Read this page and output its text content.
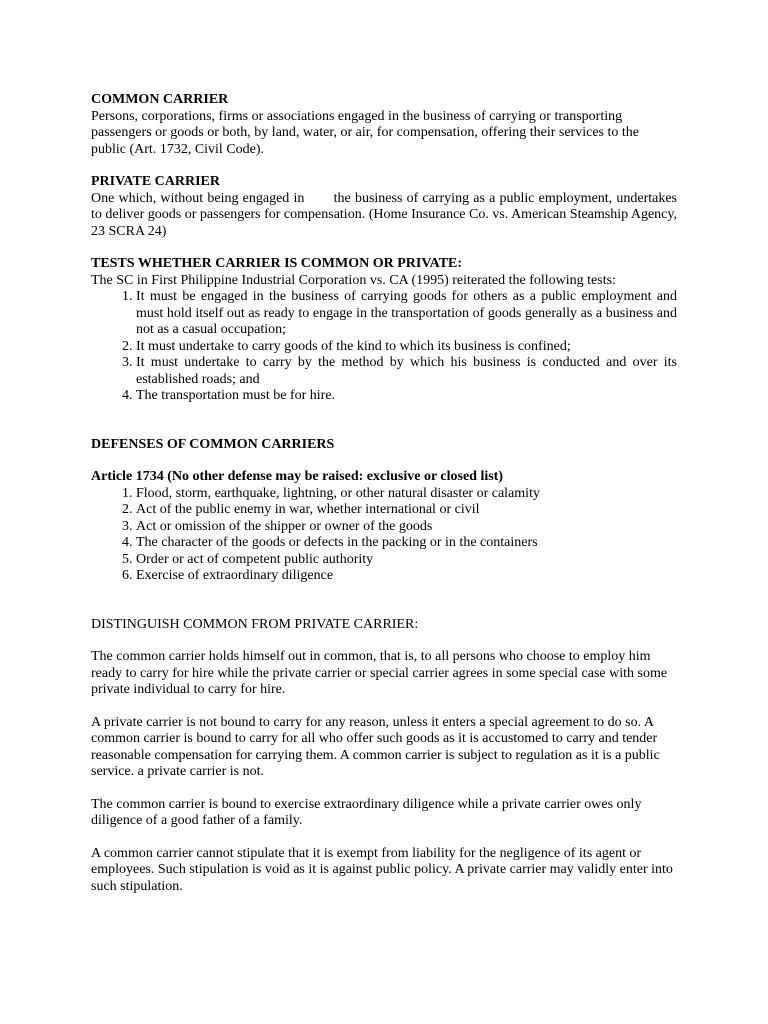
COMMON CARRIER

Persons, corporations, firms or associations engaged in the business of carrying or transporting passengers or goods or both, by land, water, or air, for compensation, offering their services to the public (Art. 1732, Civil Code).

PRIVATE CARRIER

One which, without being engaged in       the business of carrying as a public employment, undertakes to deliver goods or passengers for compensation. (Home Insurance Co. vs. American Steamship Agency, 23 SCRA 24)

TESTS WHETHER CARRIER IS COMMON OR PRIVATE:

The SC in First Philippine Industrial Corporation vs. CA (1995) reiterated the following tests:

1. It must be engaged in the business of carrying goods for others as a public employment and must hold itself out as ready to engage in the transportation of goods generally as a business and not as a casual occupation;
2. It must undertake to carry goods of the kind to which its business is confined;
3. It must undertake to carry by the method by which his business is conducted and over its established roads; and
4. The transportation must be for hire.
DEFENSES OF COMMON CARRIERS
Article 1734 (No other defense may be raised: exclusive or closed list)
1. Flood, storm, earthquake, lightning, or other natural disaster or calamity
2. Act of the public enemy in war, whether international or civil
3. Act or omission of the shipper or owner of the goods
4. The character of the goods or defects in the packing or in the containers
5. Order or act of competent public authority
6. Exercise of extraordinary diligence
DISTINGUISH COMMON FROM PRIVATE CARRIER:

The common carrier holds himself out in common, that is, to all persons who choose to employ him ready to carry for hire while the private carrier or special carrier agrees in some special case with some private individual to carry for hire.

A private carrier is not bound to carry for any reason, unless it enters a special agreement to do so. A common carrier is bound to carry for all who offer such goods as it is accustomed to carry and tender reasonable compensation for carrying them. A common carrier is subject to regulation as it is a public service. a private carrier is not.

The common carrier is bound to exercise extraordinary diligence while a private carrier owes only diligence of a good father of a family.

A common carrier cannot stipulate that it is exempt from liability for the negligence of its agent or employees. Such stipulation is void as it is against public policy. A private carrier may validly enter into such stipulation.
